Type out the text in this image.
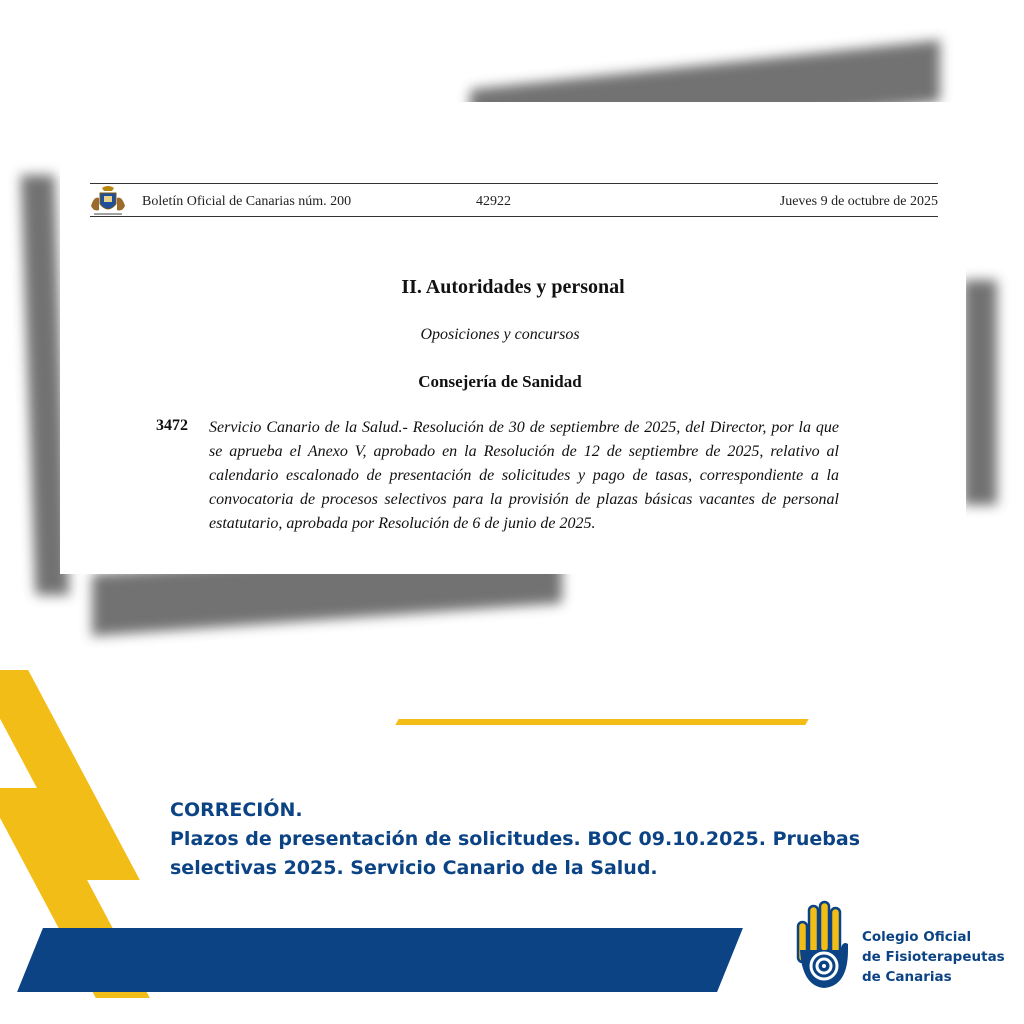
Boletín Oficial de Canarias núm. 200	42922	Jueves 9 de octubre de 2025
II. Autoridades y personal
Oposiciones y concursos
Consejería de Sanidad
3472 Servicio Canario de la Salud.- Resolución de 30 de septiembre de 2025, del Director, por la que se aprueba el Anexo V, aprobado en la Resolución de 12 de septiembre de 2025, relativo al calendario escalonado de presentación de solicitudes y pago de tasas, correspondiente a la convocatoria de procesos selectivos para la provisión de plazas básicas vacantes de personal estatutario, aprobada por Resolución de 6 de junio de 2025.
CORRECIÓN.
Plazos de presentación de solicitudes. BOC 09.10.2025. Pruebas selectivas 2025. Servicio Canario de la Salud.
Colegio Oficial
de Fisioterapeutas
de Canarias
